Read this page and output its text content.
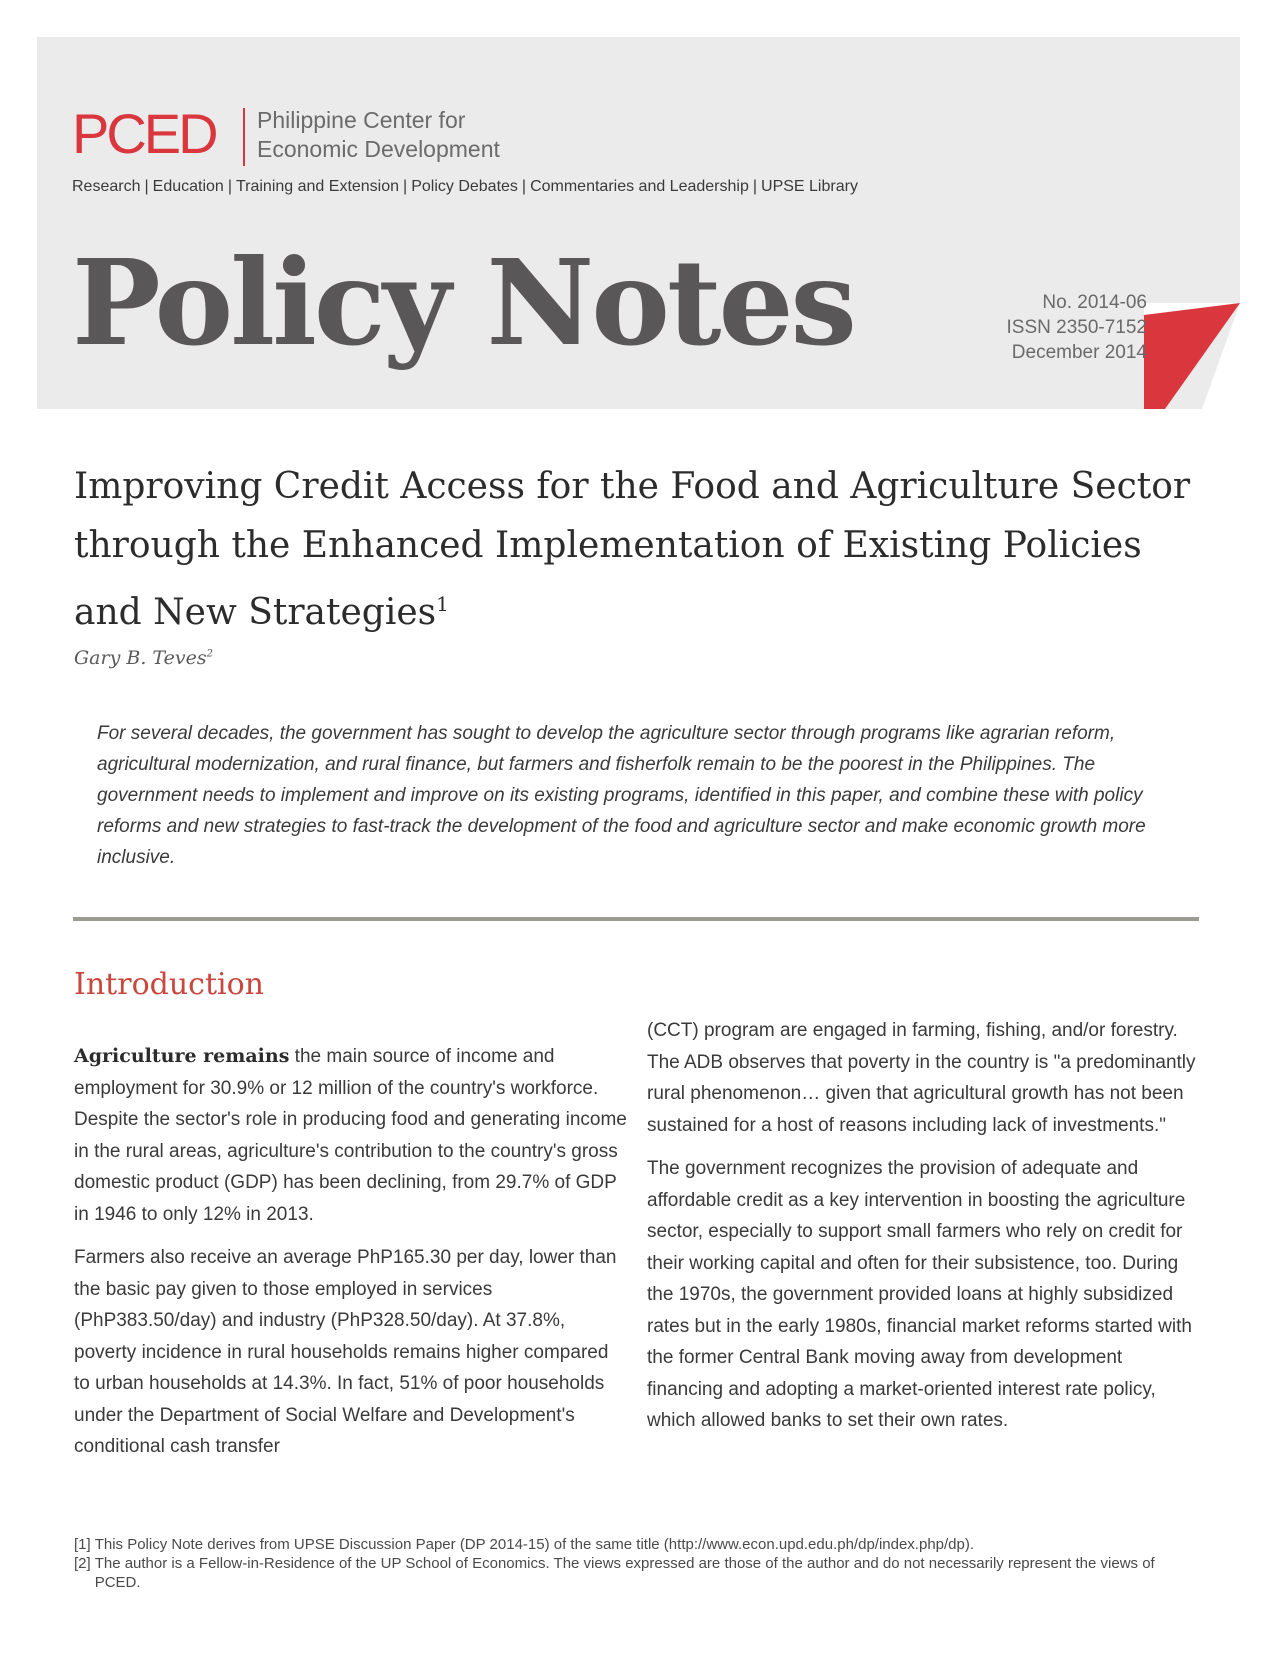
PCED Philippine Center for
Economic Development
Research | Education | Training and Extension | Policy Debates | Commentaries and Leadership | UPSE Library
Policy Notes	No. 2014-06
ISSN 2350-7152
December 2014
Improving Credit Access for the Food and Agriculture Sector through the Enhanced Implementation of Existing Policies and New Strategies$^1$
Gary B. Teves$^2$

For several decades, the government has sought to develop the agriculture sector through programs like agrarian reform, agricultural modernization, and rural finance, but farmers and fisherfolk remain to be the poorest in the Philippines. The government needs to implement and improve on its existing programs, identified in this paper, and combine these with policy reforms and new strategies to fast-track the development of the food and agriculture sector and make economic growth more inclusive.

Introduction

Agriculture remains the main source of income and employment for 30.9% or 12 million of the country's workforce. Despite the sector's role in producing food and generating income in the rural areas, agriculture's contribution to the country's gross domestic product (GDP) has been declining, from 29.7% of GDP in 1946 to only 12% in 2013.

Farmers also receive an average PhP165.30 per day, lower than the basic pay given to those employed in services (PhP383.50/day) and industry (PhP328.50/day). At 37.8%, poverty incidence in rural households remains higher compared to urban households at 14.3%. In fact, 51% of poor households under the Department of Social Welfare and Development's conditional cash transfer

(CCT) program are engaged in farming, fishing, and/or forestry. The ADB observes that poverty in the country is "a predominantly rural phenomenon… given that agricultural growth has not been sustained for a host of reasons including lack of investments."

The government recognizes the provision of adequate and affordable credit as a key intervention in boosting the agriculture sector, especially to support small farmers who rely on credit for their working capital and often for their subsistence, too. During the 1970s, the government provided loans at highly subsidized rates but in the early 1980s, financial market reforms started with the former Central Bank moving away from development financing and adopting a market-oriented interest rate policy, which allowed banks to set their own rates.

[1] This Policy Note derives from UPSE Discussion Paper (DP 2014-15) of the same title (http://www.econ.upd.edu.ph/dp/index.php/dp).
[2] The author is a Fellow-in-Residence of the UP School of Economics. The views expressed are those of the author and do not necessarily represent the views of PCED.
